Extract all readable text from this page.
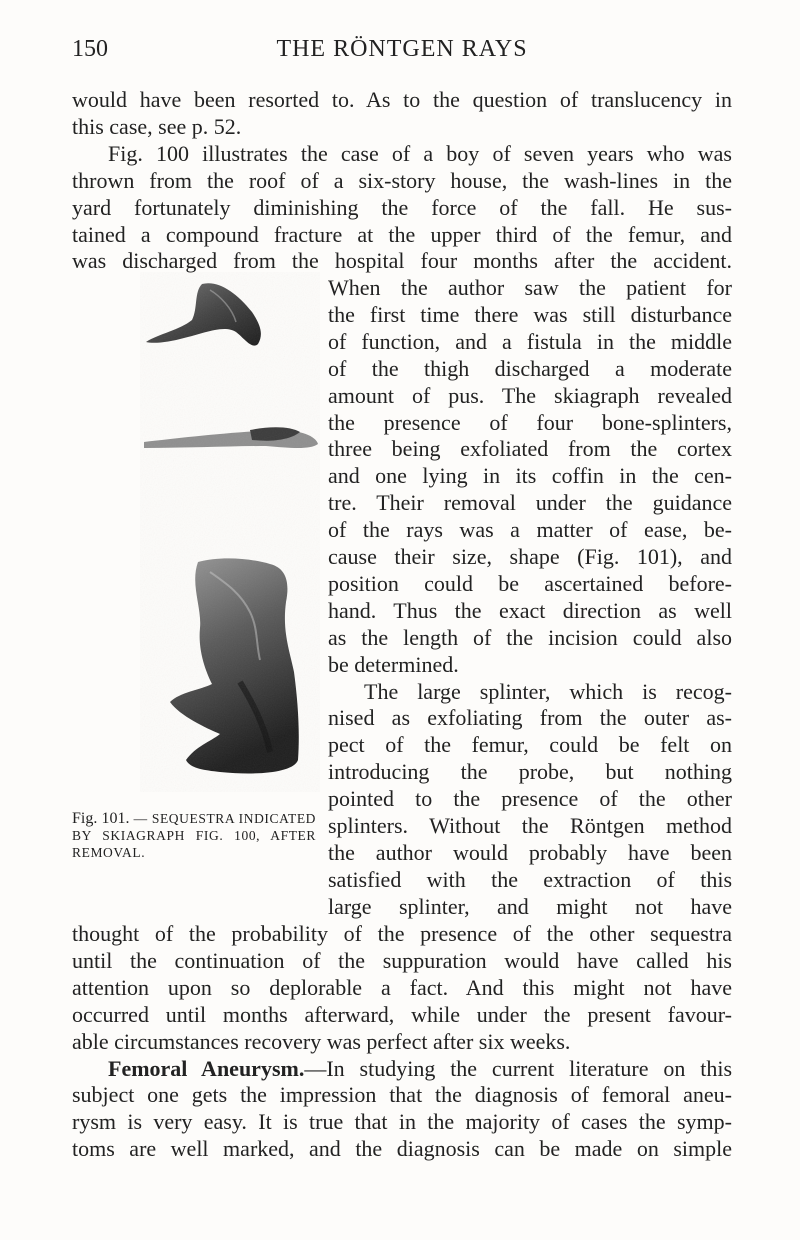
150	THE RÖNTGEN RAYS
would have been resorted to. As to the question of translucency in
this case, see p. 52.
Fig. 100 illustrates the case of a boy of seven years who was
thrown from the roof of a six-story house, the wash-lines in the
yard fortunately diminishing the force of the fall. He sus-
tained a compound fracture at the upper third of the femur, and
was discharged from the hospital four months after the accident.
When the author saw the patient for
the first time there was still disturbance
of function, and a fistula in the middle
of the thigh discharged a moderate
amount of pus. The skiagraph revealed
the presence of four bone-splinters,
three being exfoliated from the cortex
and one lying in its coffin in the cen-
tre. Their removal under the guidance
of the rays was a matter of ease, be-
cause their size, shape (Fig. 101), and
position could be ascertained before-
hand. Thus the exact direction as well
as the length of the incision could also
be determined.
The large splinter, which is recog-
nised as exfoliating from the outer as-
pect of the femur, could be felt on
introducing the probe, but nothing
pointed to the presence of the other
splinters. Without the Röntgen method
the author would probably have been
satisfied with the extraction of this
large splinter, and might not have
thought of the probability of the presence of the other sequestra
until the continuation of the suppuration would have called his
attention upon so deplorable a fact. And this might not have
occurred until months afterward, while under the present favour-
able circumstances recovery was perfect after six weeks.
Fig. 101. — SEQUESTRA INDICATED BY SKIAGRAPH FIG. 100, AFTER REMOVAL.
Femoral Aneurysm.—In studying the current literature on this
subject one gets the impression that the diagnosis of femoral aneu-
rysm is very easy. It is true that in the majority of cases the symp-
toms are well marked, and the diagnosis can be made on simple
